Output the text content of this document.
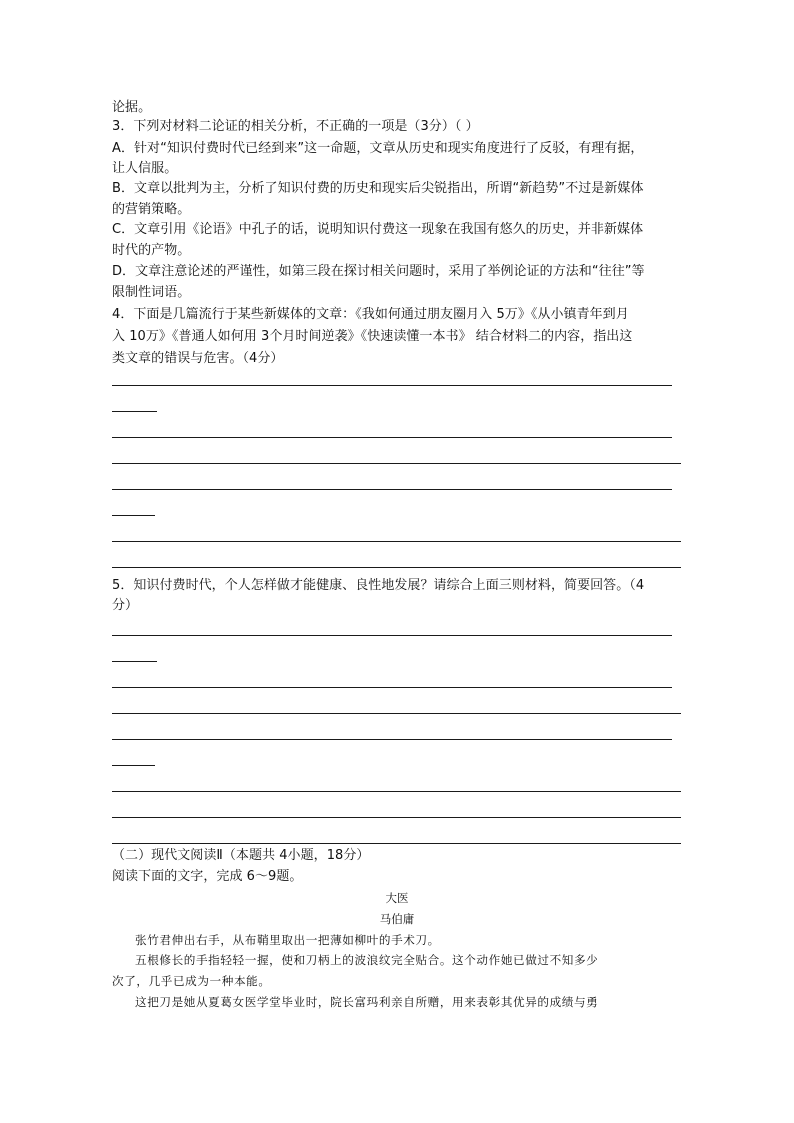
论据。
3．下列对材料二论证的相关分析，不正确的一项是（3分）（ ）
A．针对“知识付费时代已经到来”这一命题，文章从历史和现实角度进行了反驳，有理有据，
让人信服。
B．文章以批判为主，分析了知识付费的历史和现实后尖锐指出，所谓“新趋势”不过是新媒体
的营销策略。
C．文章引用《论语》中孔子的话，说明知识付费这一现象在我国有悠久的历史，并非新媒体
时代的产物。
D．文章注意论述的严谨性，如第三段在探讨相关问题时，采用了举例论证的方法和“往往”等
限制性词语。
4．下面是几篇流行于某些新媒体的文章：《我如何通过朋友圈月入 5万》《从小镇青年到月
入 10万》《普通人如何用 3个月时间逆袭》《快速读懂一本书》 结合材料二的内容，指出这
类文章的错误与危害。（4分）
5．知识付费时代，个人怎样做才能健康、良性地发展？请综合上面三则材料，简要回答。（4
分）
（二）现代文阅读Ⅱ（本题共 4小题，18分）
阅读下面的文字，完成 6～9题。
大医
马伯庸
张竹君伸出右手，从布鞘里取出一把薄如柳叶的手术刀。
五根修长的手指轻轻一握，使和刀柄上的波浪纹完全贴合。这个动作她已做过不知多少
次了，几乎已成为一种本能。
这把刀是她从夏葛女医学堂毕业时，院长富玛利亲自所赠，用来表彰其优异的成绩与勇
